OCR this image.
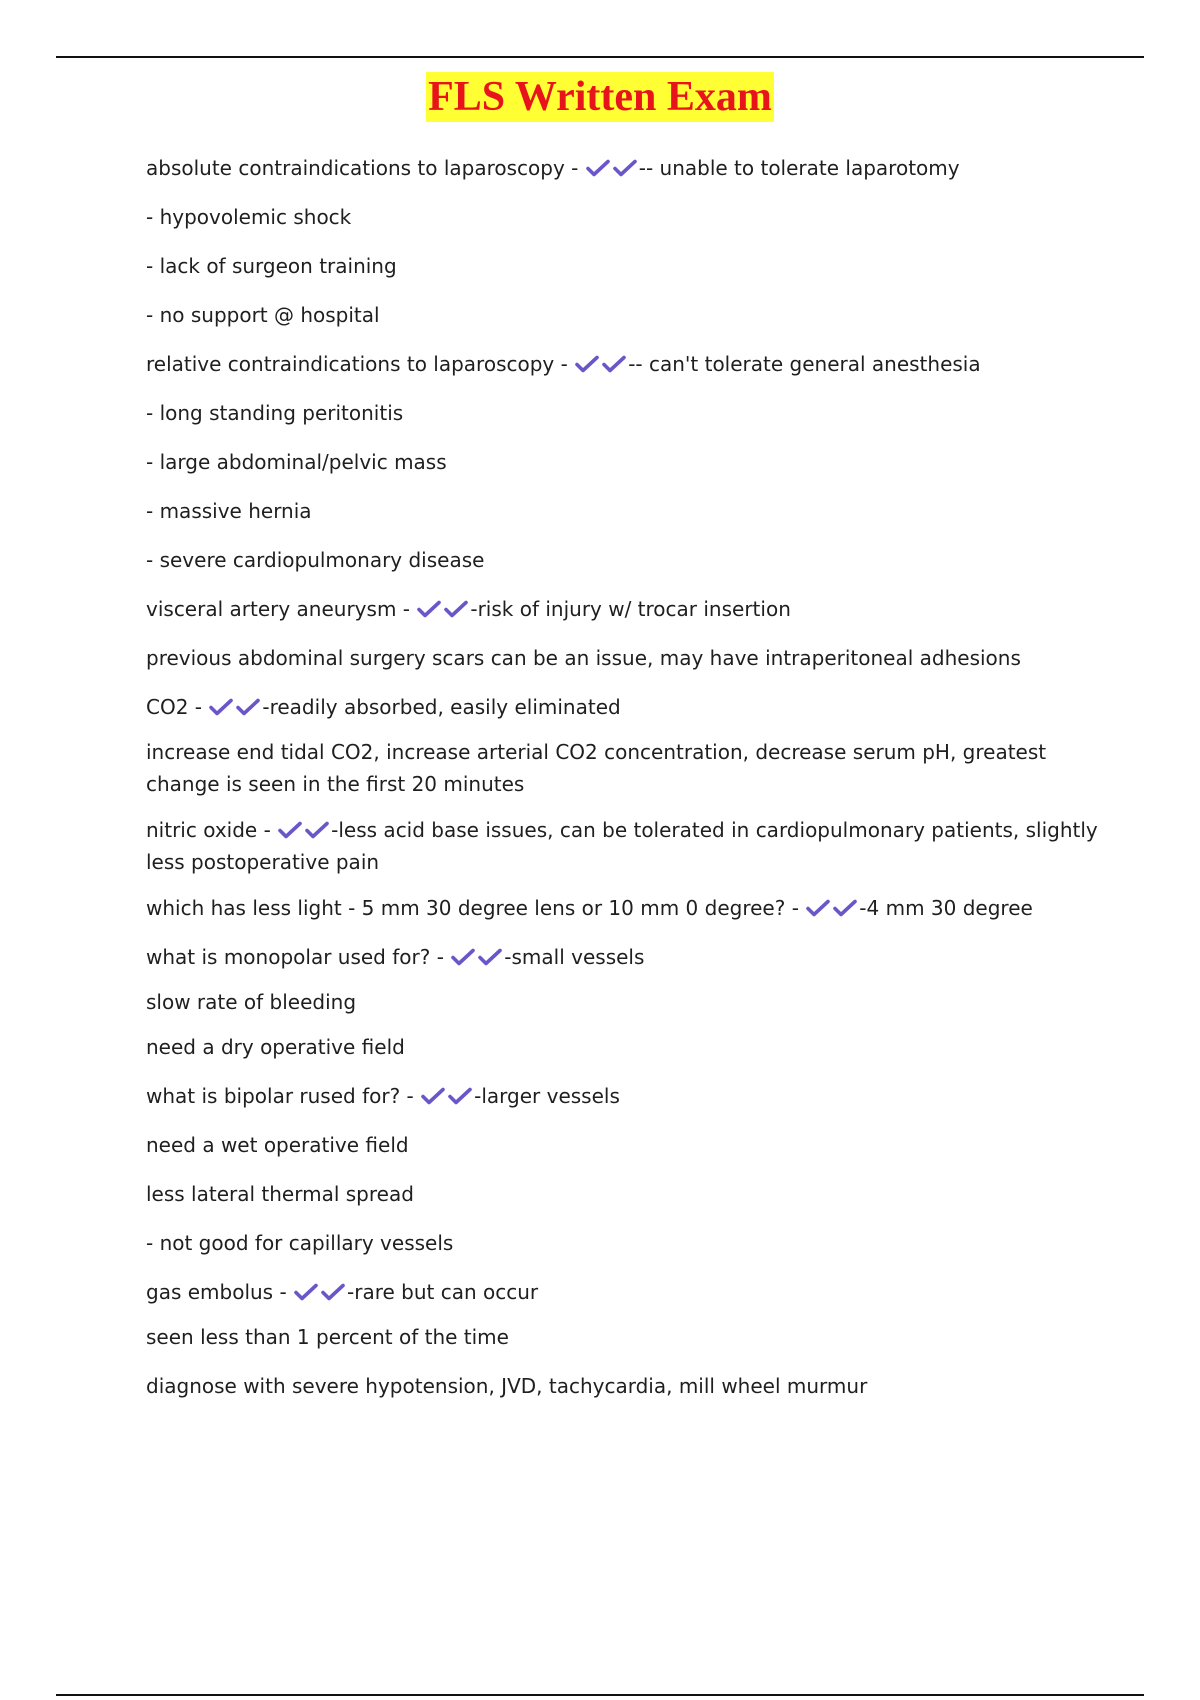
FLS Written Exam
absolute contraindications to laparoscopy -	-- unable to tolerate laparotomy
- hypovolemic shock
- lack of surgeon training
- no support @ hospital
relative contraindications to laparoscopy -	-- can't tolerate general anesthesia
- long standing peritonitis
- large abdominal/pelvic mass
- massive hernia
- severe cardiopulmonary disease
visceral artery aneurysm -	-risk of injury w/ trocar insertion
previous abdominal surgery scars can be an issue, may have intraperitoneal adhesions
CO2 -	-readily absorbed, easily eliminated
increase end tidal CO2, increase arterial CO2 concentration, decrease serum pH, greatest change is seen in the first 20 minutes
nitric oxide -	-less acid base issues, can be tolerated in cardiopulmonary patients, slightly less postoperative pain
which has less light - 5 mm 30 degree lens or 10 mm 0 degree? -	-4 mm 30 degree
what is monopolar used for? -	-small vessels
slow rate of bleeding
need a dry operative field
what is bipolar rused for? -	-larger vessels
need a wet operative field
less lateral thermal spread
- not good for capillary vessels
gas embolus -	-rare but can occur
seen less than 1 percent of the time
diagnose with severe hypotension, JVD, tachycardia, mill wheel murmur
